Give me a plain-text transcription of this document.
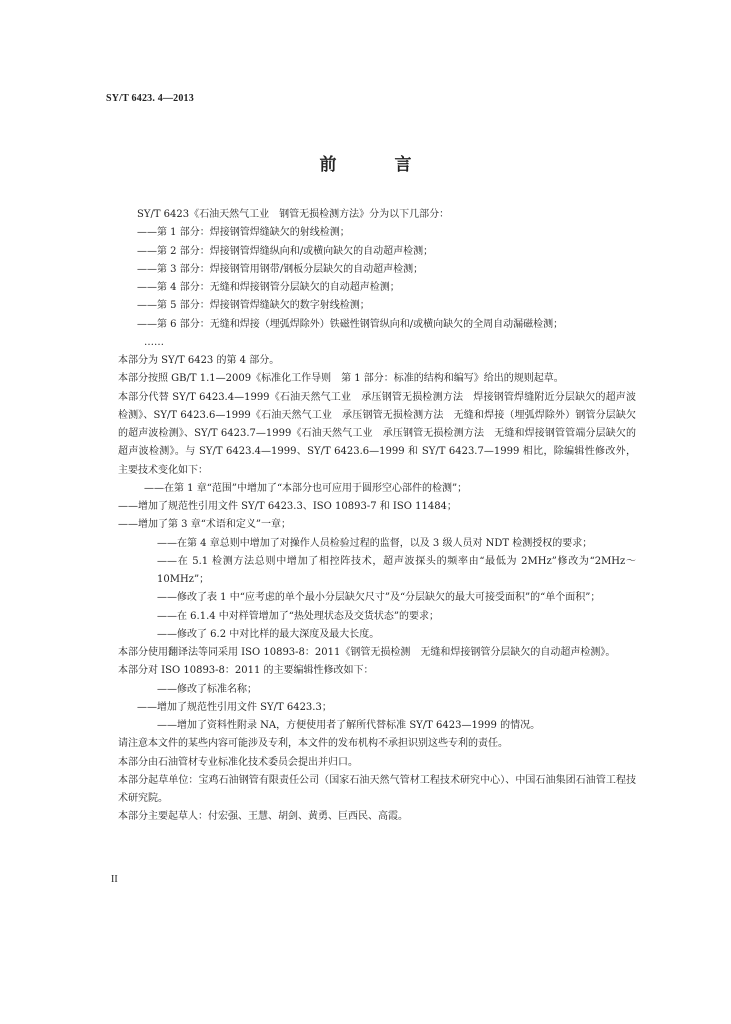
SY/T 6423. 4—2013
前 言

SY/T 6423《石油天然气工业　钢管无损检测方法》分为以下几部分：

——第 1 部分：焊接钢管焊缝缺欠的射线检测；

——第 2 部分：焊接钢管焊缝纵向和/或横向缺欠的自动超声检测；

——第 3 部分：焊接钢管用钢带/钢板分层缺欠的自动超声检测；

——第 4 部分：无缝和焊接钢管分层缺欠的自动超声检测；

——第 5 部分：焊接钢管焊缝缺欠的数字射线检测；

——第 6 部分：无缝和焊接（埋弧焊除外）铁磁性钢管纵向和/或横向缺欠的全周自动漏磁检测；

……

本部分为 SY/T 6423 的第 4 部分。

本部分按照 GB/T 1.1—2009《标准化工作导则　第 1 部分：标准的结构和编写》给出的规则起草。

本部分代替 SY/T 6423.4—1999《石油天然气工业　承压钢管无损检测方法　焊接钢管焊缝附近分层缺欠的超声波检测》、SY/T 6423.6—1999《石油天然气工业　承压钢管无损检测方法　无缝和焊接（埋弧焊除外）钢管分层缺欠的超声波检测》、SY/T 6423.7—1999《石油天然气工业　承压钢管无损检测方法　无缝和焊接钢管管端分层缺欠的超声波检测》。与 SY/T 6423.4—1999、SY/T 6423.6—1999 和 SY/T 6423.7—1999 相比，除编辑性修改外，主要技术变化如下：

——在第 1 章“范围”中增加了“本部分也可应用于圆形空心部件的检测”；

——增加了规范性引用文件 SY/T 6423.3、ISO 10893-7 和 ISO 11484；

——增加了第 3 章“术语和定义”一章；

——在第 4 章总则中增加了对操作人员检验过程的监督，以及 3 级人员对 NDT 检测授权的要求；

——在 5.1 检测方法总则中增加了相控阵技术，超声波探头的频率由“最低为 2MHz”修改为“2MHz～10MHz”；

——修改了表 1 中“应考虑的单个最小分层缺欠尺寸”及“分层缺欠的最大可接受面积”的“单个面积”；

——在 6.1.4 中对样管增加了“热处理状态及交货状态”的要求；

——修改了 6.2 中对比样的最大深度及最大长度。

本部分使用翻译法等同采用 ISO 10893-8：2011《钢管无损检测　无缝和焊接钢管分层缺欠的自动超声检测》。

本部分对 ISO 10893-8：2011 的主要编辑性修改如下：

——修改了标准名称；

——增加了规范性引用文件 SY/T 6423.3；

——增加了资料性附录 NA，方便使用者了解所代替标准 SY/T 6423—1999 的情况。

请注意本文件的某些内容可能涉及专利，本文件的发布机构不承担识别这些专利的责任。

本部分由石油管材专业标准化技术委员会提出并归口。

本部分起草单位：宝鸡石油钢管有限责任公司（国家石油天然气管材工程技术研究中心）、中国石油集团石油管工程技术研究院。

本部分主要起草人：付宏强、王慧、胡剑、黄勇、巨西民、高霞。

II
